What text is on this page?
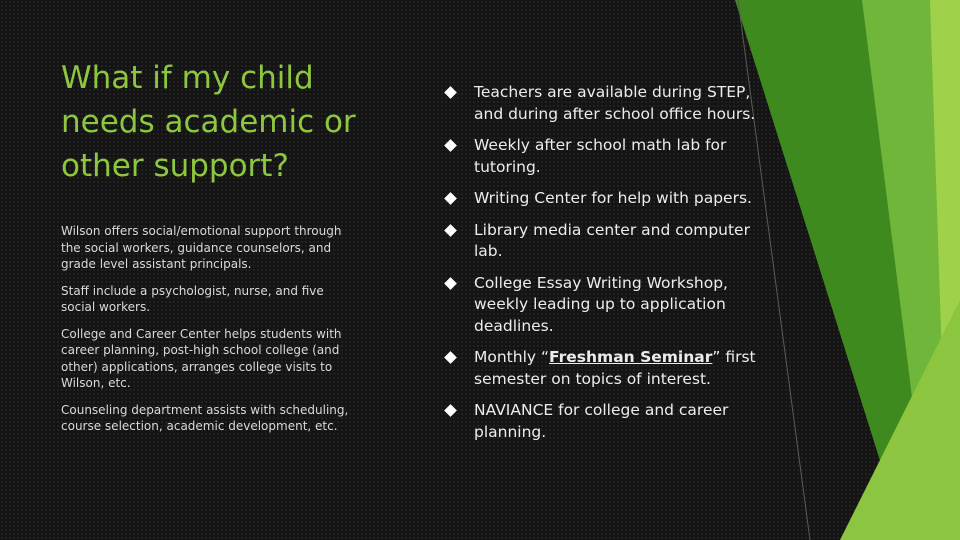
What if my child needs academic or other support?

Wilson offers social/emotional support through the social workers, guidance counselors, and grade level assistant principals.

Staff include a psychologist, nurse, and five social workers.

College and Career Center helps students with career planning, post-high school college (and other) applications, arranges college visits to Wilson, etc.

Counseling department assists with scheduling, course selection, academic development, etc.

Teachers are available during STEP, and during after school office hours.
Weekly after school math lab for tutoring.
Writing Center for help with papers.
Library media center and computer lab.
College Essay Writing Workshop, weekly leading up to application deadlines.
Monthly “Freshman Seminar” first semester on topics of interest.
NAVIANCE for college and career planning.
